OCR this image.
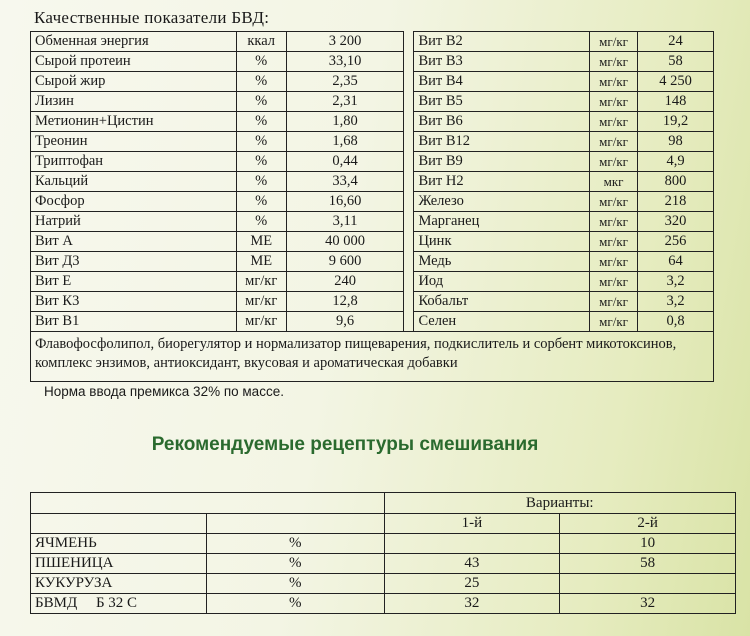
Качественные показатели БВД:
Обменная энергия	ккал	3 200		Вит В2	мг/кг	24
Сырой протеин	%	33,10		Вит В3	мг/кг	58
Сырой жир	%	2,35		Вит В4	мг/кг	4 250
Лизин	%	2,31		Вит В5	мг/кг	148
Метионин+Цистин	%	1,80		Вит В6	мг/кг	19,2
Треонин	%	1,68		Вит В12	мг/кг	98
Триптофан	%	0,44		Вит В9	мг/кг	4,9
Кальций	%	33,4		Вит Н2	мкг	800
Фосфор	%	16,60		Железо	мг/кг	218
Натрий	%	3,11		Марганец	мг/кг	320
Вит А	МЕ	40 000		Цинк	мг/кг	256
Вит Д3	МЕ	9 600		Медь	мг/кг	64
Вит Е	мг/кг	240		Иод	мг/кг	3,2
Вит К3	мг/кг	12,8		Кобальт	мг/кг	3,2
Вит В1	мг/кг	9,6		Селен	мг/кг	0,8
Флавофосфолипол, биорегулятор и нормализатор пищеварения, подкислитель и сорбент микотоксинов, комплекс энзимов, антиоксидант, вкусовая и ароматическая добавки						
Норма ввода премикса 32% по массе.
Рекомендуемые рецептуры смешивания
		Варианты:	
		1-й	2-й
ЯЧМЕНЬ	%		10
ПШЕНИЦА	%	43	58
КУКУРУЗА	%	25	
БВМД     Б 32 С	%	32	32
